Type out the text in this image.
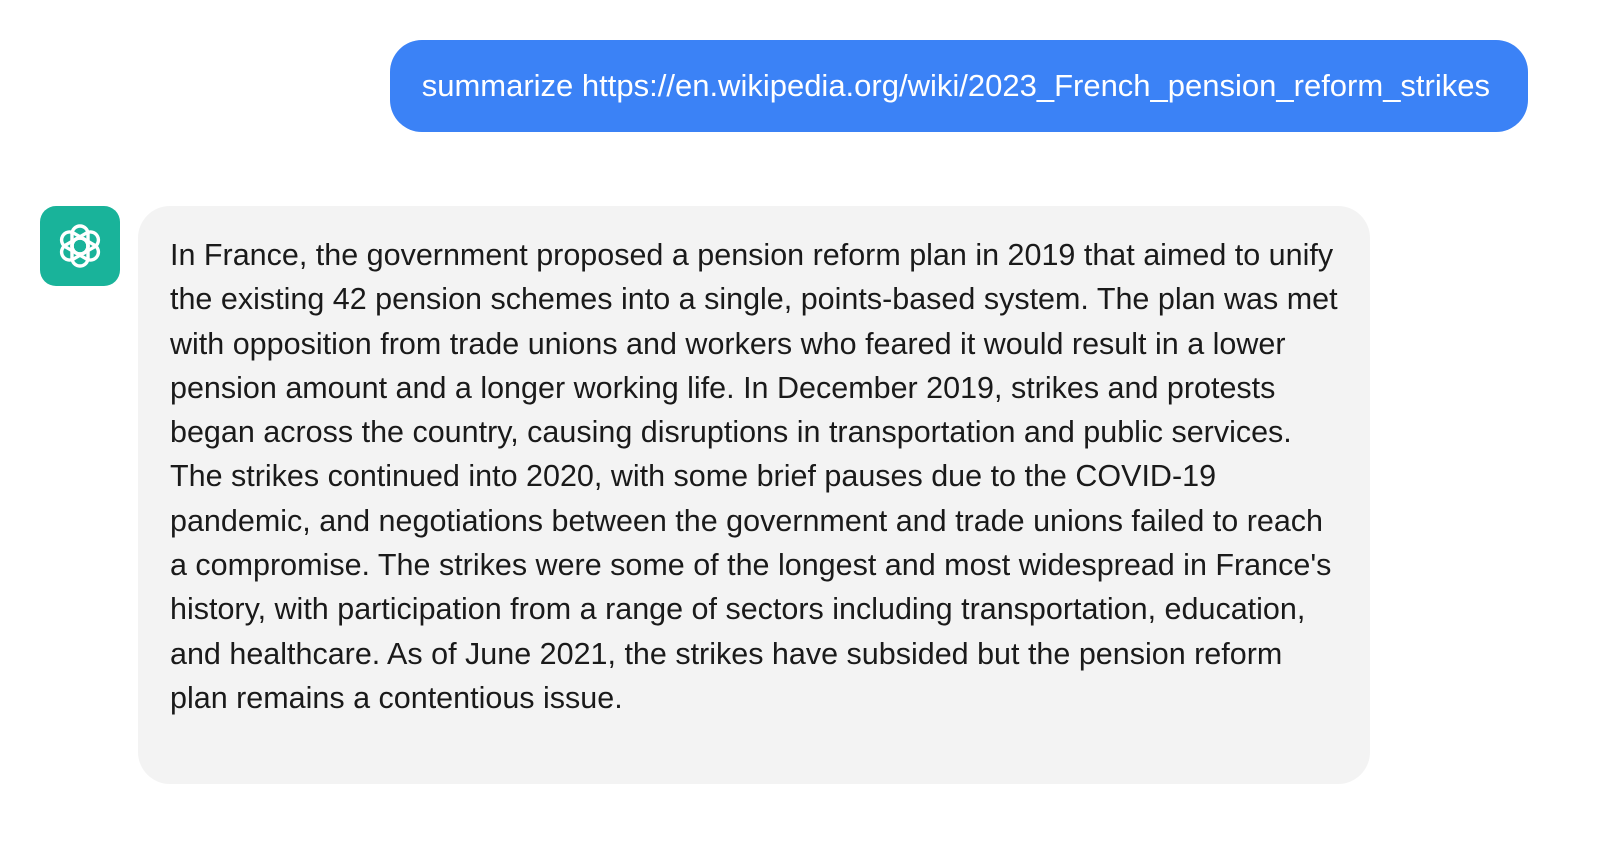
summarize https://en.wikipedia.org/wiki/2023_French_pension_reform_strikes

In France, the government proposed a pension reform plan in 2019 that aimed to unify the existing 42 pension schemes into a single, points-based system. The plan was met with opposition from trade unions and workers who feared it would result in a lower pension amount and a longer working life. In December 2019, strikes and protests began across the country, causing disruptions in transportation and public services. The strikes continued into 2020, with some brief pauses due to the COVID-19 pandemic, and negotiations between the government and trade unions failed to reach a compromise. The strikes were some of the longest and most widespread in France's history, with participation from a range of sectors including transportation, education, and healthcare. As of June 2021, the strikes have subsided but the pension reform plan remains a contentious issue.
